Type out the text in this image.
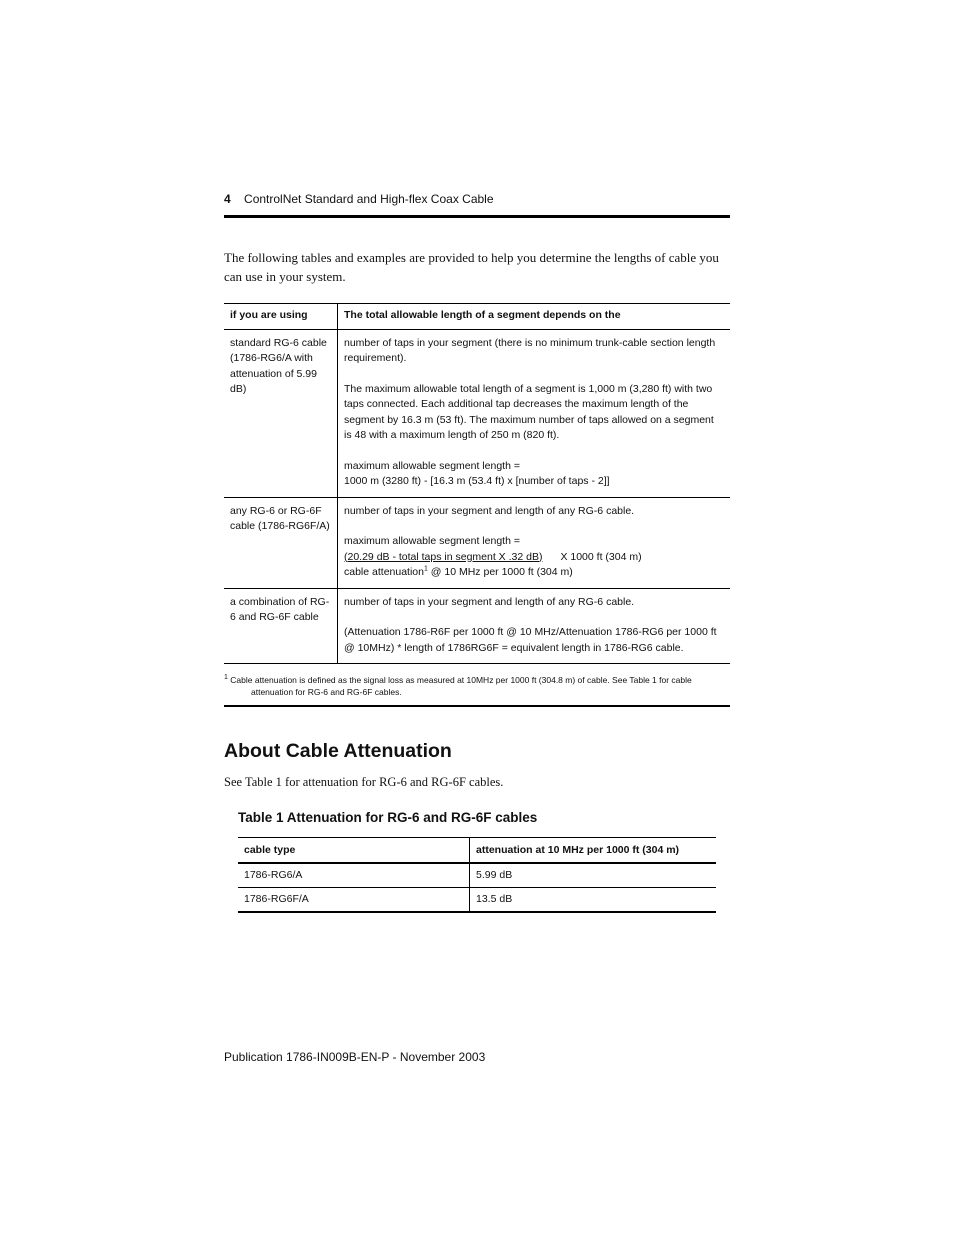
4 ControlNet Standard and High-flex Coax Cable
The following tables and examples are provided to help you determine the lengths of cable you can use in your system.
if you are using	The total allowable length of a segment depends on the
standard RG-6 cable (1786-RG6/A with attenuation of 5.99 dB)	number of taps in your segment (there is no minimum trunk-cable section length requirement).

The maximum allowable total length of a segment is 1,000 m (3,280 ft) with two taps connected. Each additional tap decreases the maximum length of the segment by 16.3 m (53 ft). The maximum number of taps allowed on a segment is 48 with a maximum length of 250 m (820 ft).

maximum allowable segment length =
1000 m (3280 ft) - [16.3 m (53.4 ft) x [number of taps - 2]]

any RG-6 or RG-6F cable (1786-RG6F/A)	number of taps in your segment and length of any RG-6 cable.

maximum allowable segment length =
(20.29 dB - total taps in segment X .32 dB) X 1000 ft (304 m)
cable attenuation$^1$ @ 10 MHz per 1000 ft (304 m)

a combination of RG-6 and RG-6F cable	number of taps in your segment and length of any RG-6 cable.

(Attenuation 1786-R6F per 1000 ft @ 10 MHz/Attenuation 1786-RG6 per 1000 ft @ 10MHz) * length of 1786RG6F = equivalent length in 1786-RG6 cable.

$^1$ Cable attenuation is defined as the signal loss as measured at 10MHz per 1000 ft (304.8 m) of cable. See Table 1 for cable
attenuation for RG-6 and RG-6F cables.
About Cable Attenuation
See Table 1 for attenuation for RG-6 and RG-6F cables.
Table 1 Attenuation for RG-6 and RG-6F cables
cable type	attenuation at 10 MHz per 1000 ft (304 m)
1786-RG6/A	5.99 dB
1786-RG6F/A	13.5 dB
Publication 1786-IN009B-EN-P - November 2003
